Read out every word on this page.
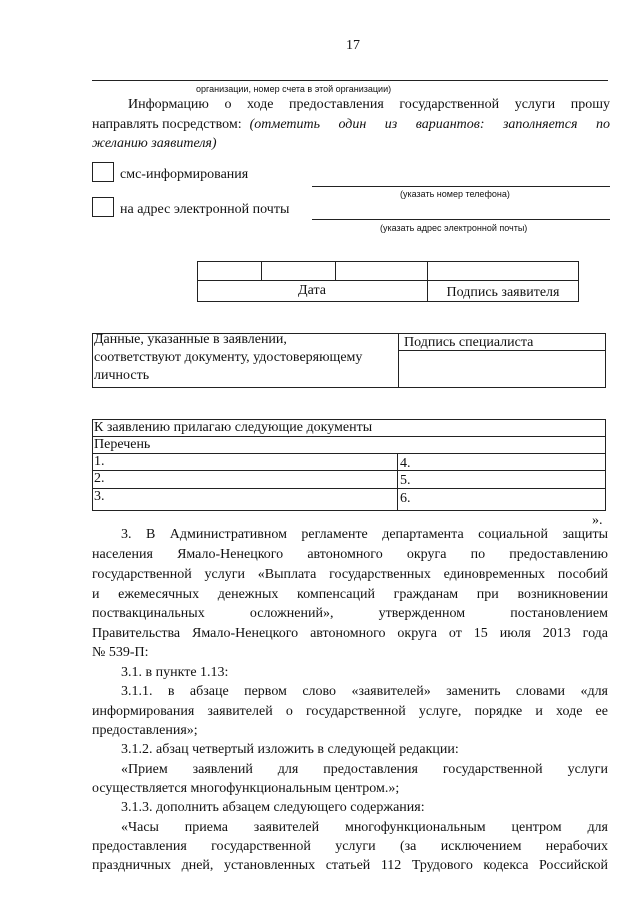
17
организации, номер счета в этой организации)
Информацию о ходе предоставления государственной услуги прошу
направлять посредством: (отметить один из вариантов: заполняется по
желанию заявителя)
смс-информирования
(указать номер телефона)
на адрес электронной почты
(указать адрес электронной почты)
Дата	Подпись заявителя
Данные, указанные в заявлении,
соответствуют документу, удостоверяющему
личность
Подпись специалиста
К заявлению прилагаю следующие документы
Перечень
1.
2.
3.
4.
5.
6.
».
3. В Административном регламенте департамента социальной защиты
населения Ямало-Ненецкого автономного округа по предоставлению
государственной услуги «Выплата государственных единовременных пособий
и ежемесячных денежных компенсаций гражданам при возникновении
поствакцинальных осложнений», утвержденном постановлением
Правительства Ямало-Ненецкого автономного округа от 15 июля 2013 года
№ 539-П:
3.1. в пункте 1.13:
3.1.1. в абзаце первом слово «заявителей» заменить словами «для
информирования заявителей о государственной услуге, порядке и ходе ее
предоставления»;
3.1.2. абзац четвертый изложить в следующей редакции:
«Прием заявлений для предоставления государственной услуги
осуществляется многофункциональным центром.»;
3.1.3. дополнить абзацем следующего содержания:
«Часы приема заявителей многофункциональным центром для
предоставления государственной услуги (за исключением нерабочих
праздничных дней, установленных статьей 112 Трудового кодекса Российской
